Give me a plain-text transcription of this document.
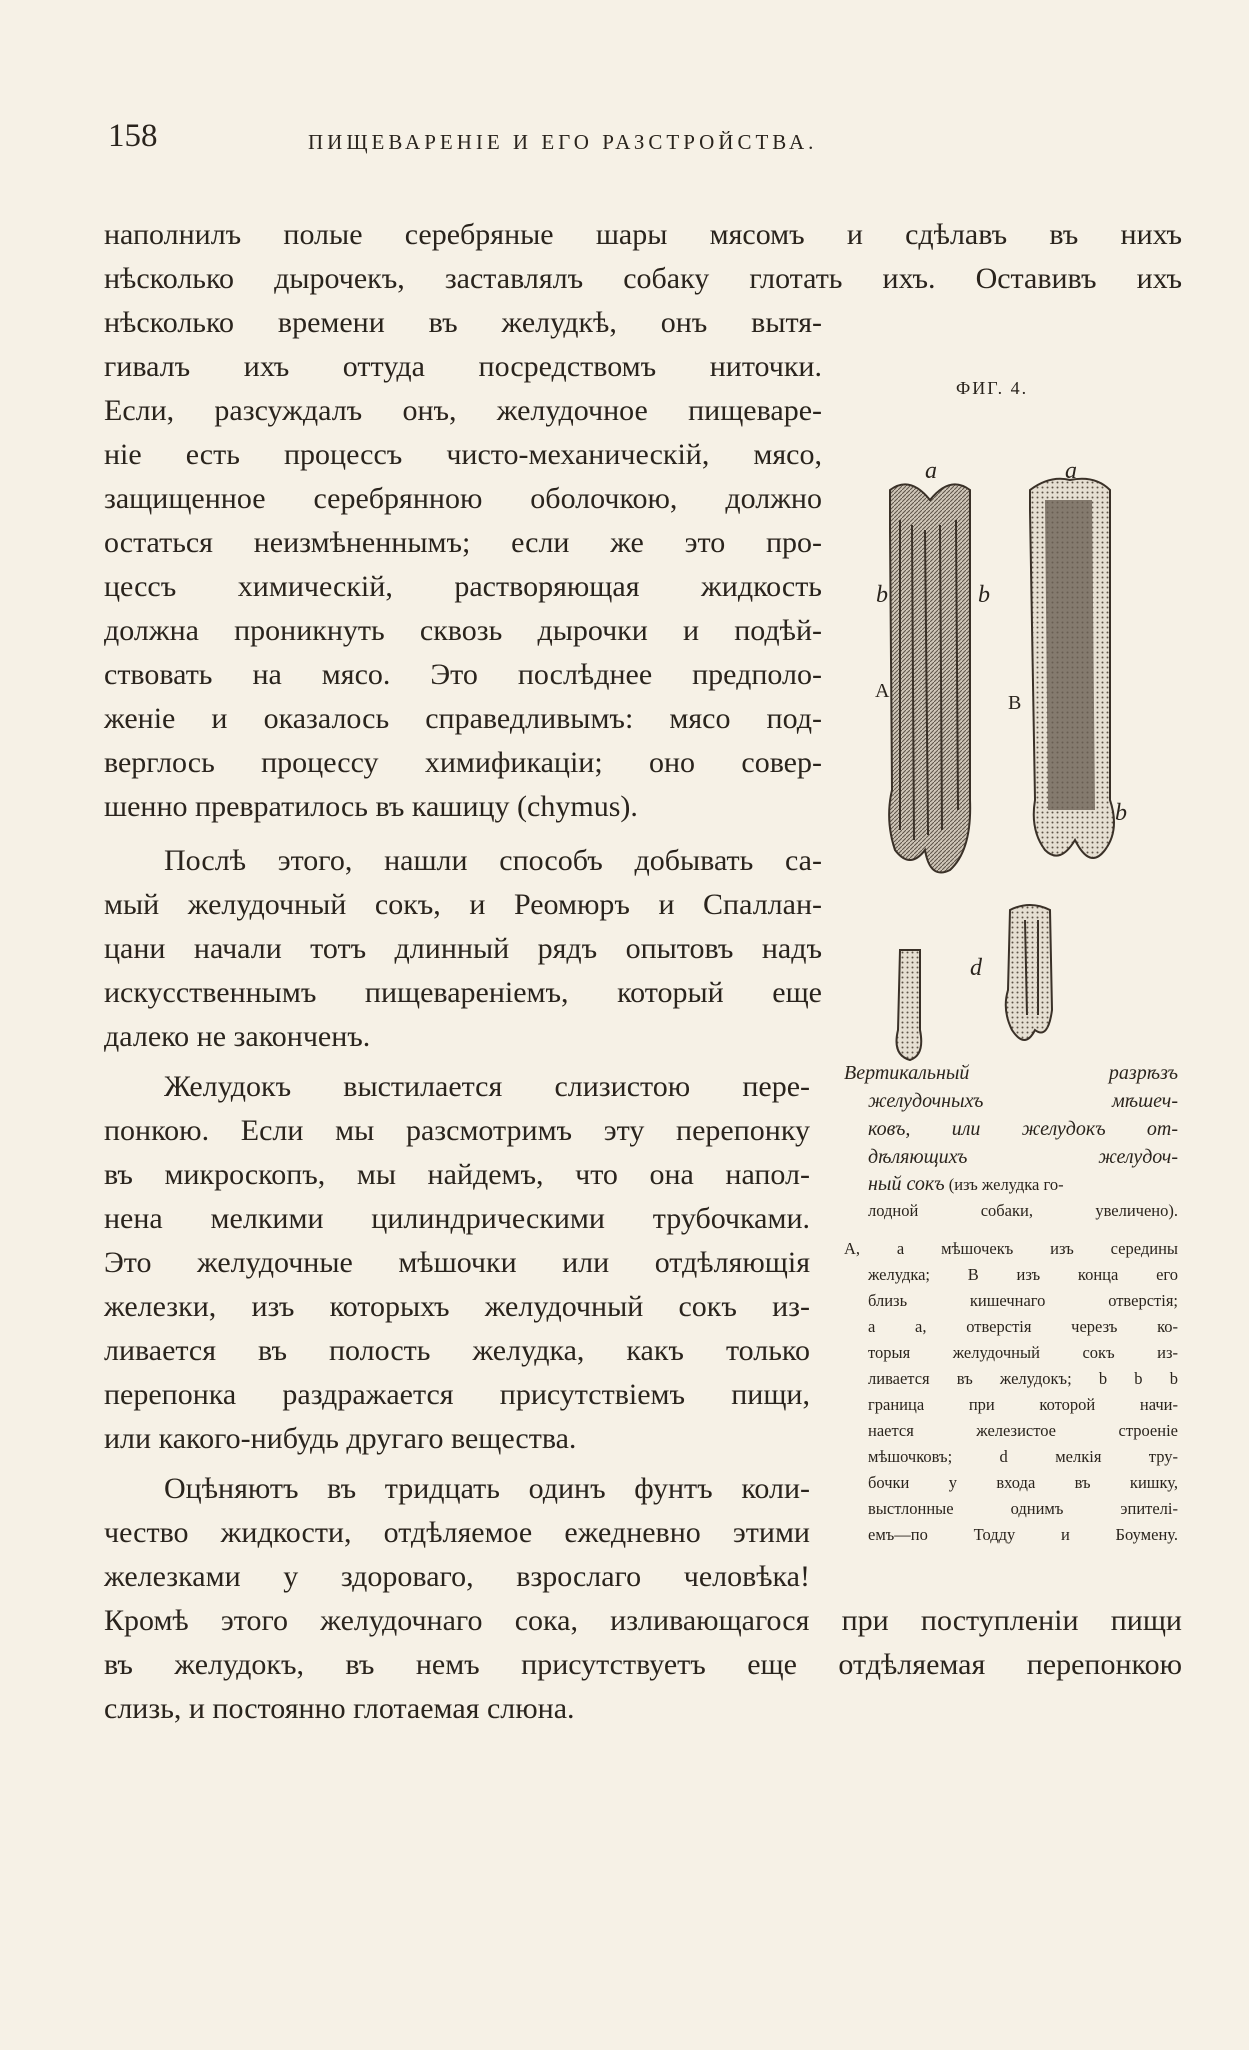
158	ПИЩЕВАРЕНІЕ И ЕГО РАЗСТРОЙСТВА.
наполнилъ полые серебряные шары мясомъ и сдѣлавъ въ нихъ
нѣсколько дырочекъ, заставлялъ собаку глотать ихъ. Оставивъ ихъ
нѣсколько времени въ желудкѣ, онъ вытя-
гивалъ ихъ оттуда посредствомъ ниточки.
Если, разсуждалъ онъ, желудочное пищеваре-
ніе есть процессъ чисто-механическій, мясо,
защищенное серебрянною оболочкою, должно
остаться неизмѣненнымъ; если же это про-
цессъ химическій, растворяющая жидкость
должна проникнуть сквозь дырочки и подѣй-
ствовать на мясо. Это послѣднее предполо-
женіе и оказалось справедливымъ: мясо под-
верглось процессу химификаціи; оно совер-
шенно превратилось въ кашицу (chymus).
Послѣ этого, нашли способъ добывать са-
мый желудочный сокъ, и Реомюръ и Спаллан-
цани начали тотъ длинный рядъ опытовъ надъ
искусственнымъ пищевареніемъ, который еще
далеко не законченъ.
Желудокъ выстилается слизистою пере-
понкою. Если мы разсмотримъ эту перепонку
въ микроскопъ, мы найдемъ, что она напол-
нена мелкими цилиндрическими трубочками.
Это желудочные мѣшочки или отдѣляющія
железки, изъ которыхъ желудочный сокъ из-
ливается въ полость желудка, какъ только
перепонка раздражается присутствіемъ пищи,
или какого-нибудь другаго вещества.
Оцѣняютъ въ тридцать одинъ фунтъ коли-
чество жидкости, отдѣляемое ежедневно этими
железками у здороваго, взрослаго человѣка!
Кромѣ этого желудочнаго сока, изливающагося при поступленіи пищи
въ желудокъ, въ немъ присутствуетъ еще отдѣляемая перепонкою
слизь, и постоянно глотаемая слюна.
ФИГ. 4.
a	a
b	b
b
A
B
d
Вертикальный разрѣзъ
желудочныхъ мѣшеч-
ковъ, или желудокъ от-
дѣляющихъ желудоч-
ный сокъ (изъ желудка го-
лодной собаки, увеличено).
А, а мѣшочекъ изъ середины
желудка; В изъ конца его
близь кишечнаго отверстія;
а а, отверстія черезъ ко-
торыя желудочный сокъ из-
ливается въ желудокъ; b b b
граница при которой начи-
нается железистое строеніе
мѣшочковъ; d мелкія тру-
бочки у входа въ кишку,
выстлонные однимъ эпителі-
емъ—по Тодду и Боумену.
